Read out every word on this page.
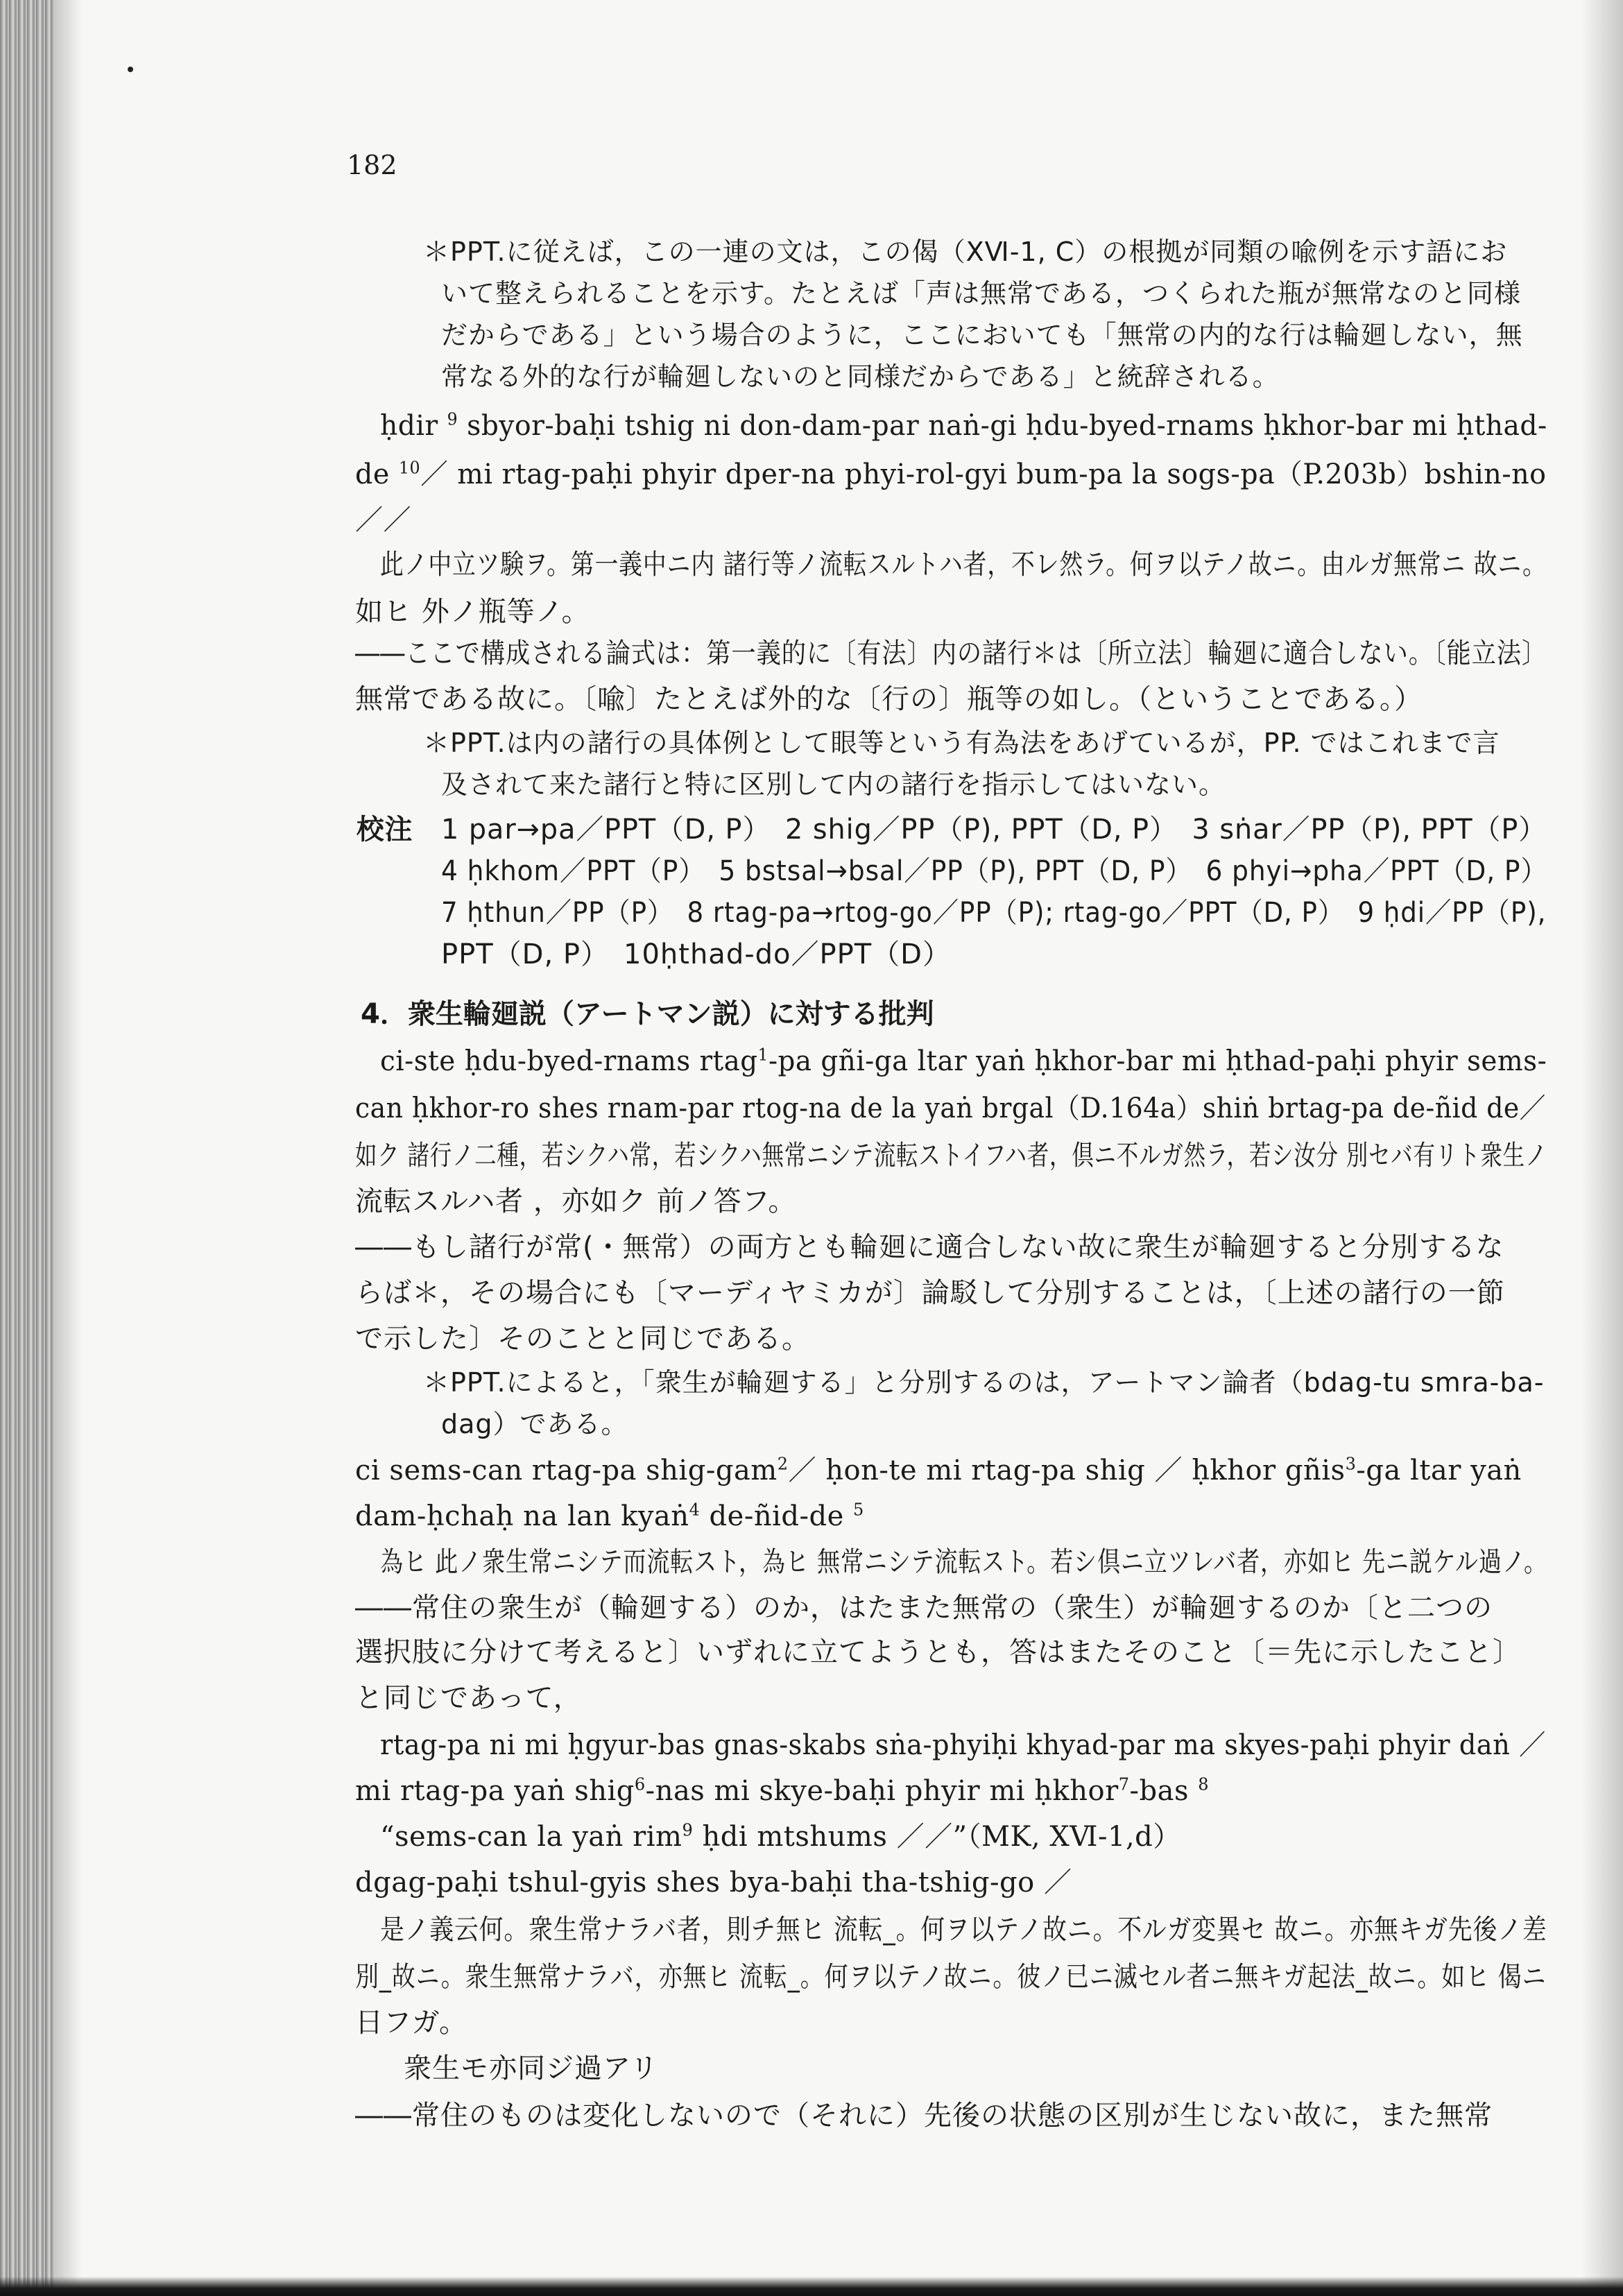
182
＊PPT.に従えば，この一連の文は，この偈（ⅩⅥ-1, C）の根拠が同類の喩例を示す語にお
いて整えられることを示す。たとえば「声は無常である，つくられた瓶が無常なのと同様
だからである」という場合のように，ここにおいても「無常の内的な行は輪廻しない，無
常なる外的な行が輪廻しないのと同様だからである」と統辞される。
ḥdir $^9$ sbyor-baḥi tshig ni don-dam-par naṅ-gi ḥdu-byed-rnams ḥkhor-bar mi ḥthad-
de $^{10}$／ mi rtag-paḥi phyir dper-na phyi-rol-gyi bum-pa la sogs-pa（P.203b）bshin-no
／／
此ノ中立ツ験ヲ。第一義中ニ内 諸行等ノ流転スルトハ者，不レ然ラ。何ヲ以テノ故ニ。由ルガ無常ニ 故ニ。
如ヒ 外ノ瓶等ノ。
――ここで構成される論式は：第一義的に〔有法〕内の諸行＊は〔所立法〕輪廻に適合しない。〔能立法〕
無常である故に。〔喩〕たとえば外的な〔行の〕瓶等の如し。（ということである。）
＊PPT.は内の諸行の具体例として眼等という有為法をあげているが，PP. ではこれまで言
及されて来た諸行と特に区別して内の諸行を指示してはいない。
校注　1 par→pa／PPT（D, P）　2 shig／PP（P), PPT（D, P）　3 sṅar／PP（P), PPT（P）
4 ḥkhom／PPT（P）　5 bstsal→bsal／PP（P), PPT（D, P）　6 phyi→pha／PPT（D, P）
7 ḥthun／PP（P）　8 rtag-pa→rtog-go／PP（P); rtag-go／PPT（D, P）　9 ḥdi／PP（P),
PPT（D, P）　10ḥthad-do／PPT（D）
4．衆生輪廻説（アートマン説）に対する批判
ci-ste ḥdu-byed-rnams rtag$^1$-pa gñi-ga ltar yaṅ ḥkhor-bar mi ḥthad-paḥi phyir sems-
can ḥkhor-ro shes rnam-par rtog-na de la yaṅ brgal（D.164a）shiṅ brtag-pa de-ñid de／
如ク 諸行ノ二種，若シクハ常，若シクハ無常ニシテ流転ストイフハ者，倶ニ不ルガ然ラ，若シ汝分 別セバ有リト衆生ノ
流転スルハ者 ，亦如ク 前ノ答フ。
――もし諸行が常(・無常）の両方とも輪廻に適合しない故に衆生が輪廻すると分別するな
らば＊，その場合にも〔マーディヤミカが〕論駁して分別することは，〔上述の諸行の一節
で示した〕そのことと同じである。
＊PPT.によると，「衆生が輪廻する」と分別するのは，アートマン論者（bdag-tu smra-ba-
dag）である。
ci sems-can rtag-pa shig-gam$^2$／ ḥon-te mi rtag-pa shig ／ ḥkhor gñis$^3$-ga ltar yaṅ
dam-ḥchaḥ na lan kyaṅ$^4$ de-ñid-de $^5$
為ヒ 此ノ衆生常ニシテ而流転スト，為ヒ 無常ニシテ流転スト。若シ倶ニ立ツレバ者，亦如ヒ 先ニ説ケル過ノ。
――常住の衆生が（輪廻する）のか，はたまた無常の（衆生）が輪廻するのか〔と二つの
選択肢に分けて考えると〕いずれに立てようとも，答はまたそのこと〔＝先に示したこと〕
と同じであって，
rtag-pa ni mi ḥgyur-bas gnas-skabs sṅa-phyiḥi khyad-par ma skyes-paḥi phyir daṅ ／
mi rtag-pa yaṅ shig$^6$-nas mi skye-baḥi phyir mi ḥkhor$^7$-bas $^8$
“sems-can la yaṅ rim$^9$ ḥdi mtshums ／／”（MK, XⅥ-1,d）
dgag-paḥi tshul-gyis shes bya-baḥi tha-tshig-go ／
是ノ義云何。衆生常ナラバ者，則チ無ヒ 流転_。何ヲ以テノ故ニ。不ルガ変異セ 故ニ。亦無キガ先後ノ差
別_故ニ。衆生無常ナラバ，亦無ヒ 流転_。何ヲ以テノ故ニ。彼ノ已ニ滅セル者ニ無キガ起法_故ニ。如ヒ 偈ニ
日フガ。
衆生モ亦同ジ過アリ
――常住のものは変化しないので（それに）先後の状態の区別が生じない故に，また無常
